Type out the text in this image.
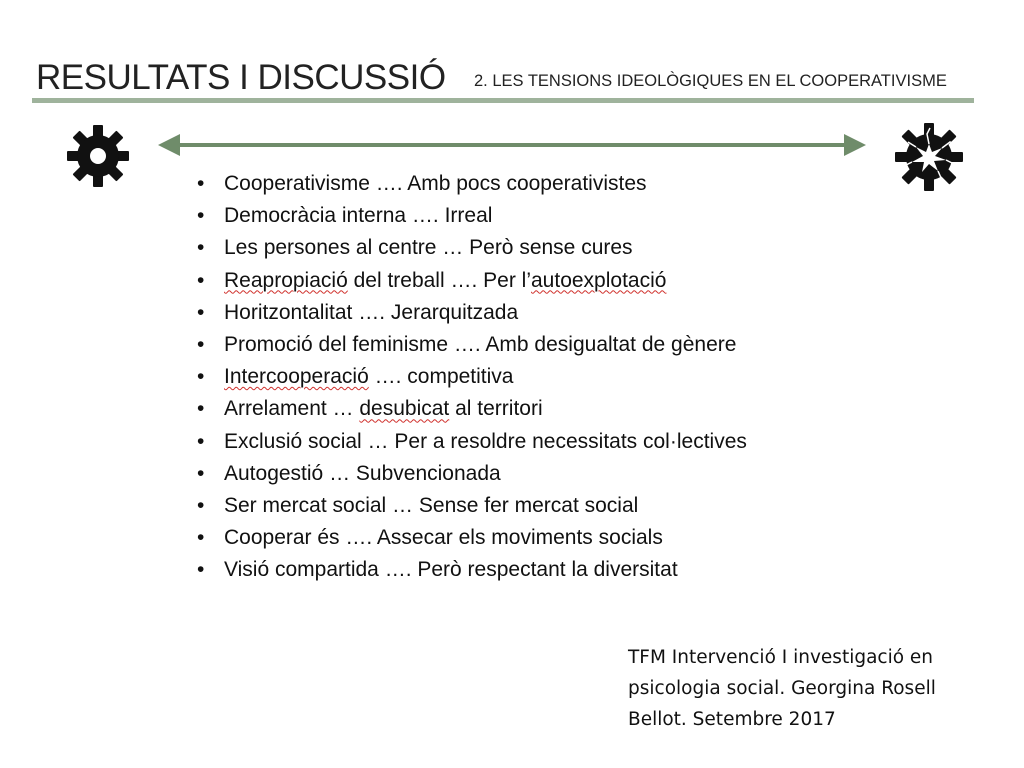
RESULTATS I DISCUSSIÓ 2. LES TENSIONS IDEOLÒGIQUES EN EL COOPERATIVISME
• Cooperativisme …. Amb pocs cooperativistes
• Democràcia interna …. Irreal
• Les persones al centre … Però sense cures
• Reapropiació del treball …. Per l’autoexplotació
• Horitzontalitat …. Jerarquitzada
• Promoció del feminisme …. Amb desigualtat de gènere
• Intercooperació …. competitiva
• Arrelament … desubicat al territori
• Exclusió social … Per a resoldre necessitats col·lectives
• Autogestió … Subvencionada
• Ser mercat social … Sense fer mercat social
• Cooperar és …. Assecar els moviments socials
• Visió compartida …. Però respectant la diversitat
TFM Intervenció I investigació en psicologia social. Georgina Rosell Bellot. Setembre 2017
